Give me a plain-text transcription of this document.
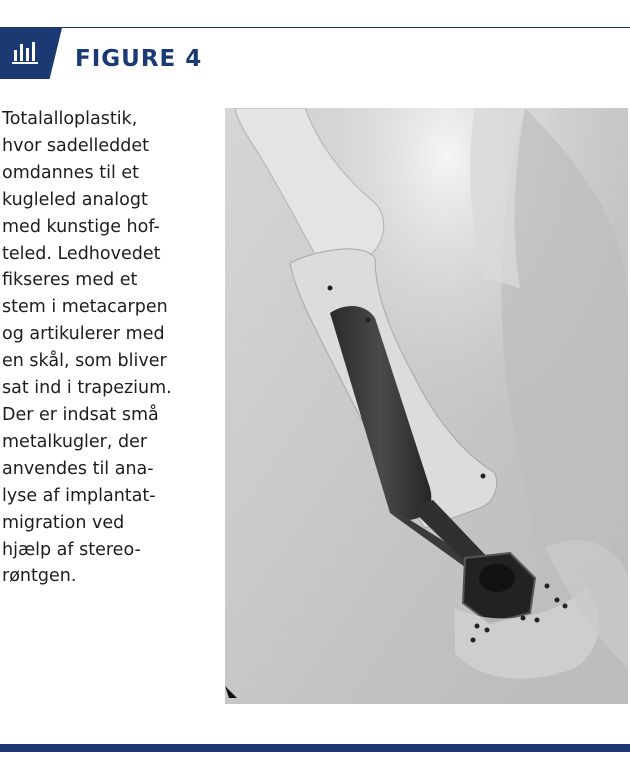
FIGURE 4
Totalalloplastik,
hvor sadelleddet
omdannes til et
kugleled analogt
med kunstige hof-
teled. Ledhovedet
fikseres med et
stem i metacarpen
og artikulerer med
en skål, som bliver
sat ind i trapezium.
Der er indsat små
metalkugler, der
anvendes til ana-
lyse af implantat-
migration ved
hjælp af stereo-
røntgen.
